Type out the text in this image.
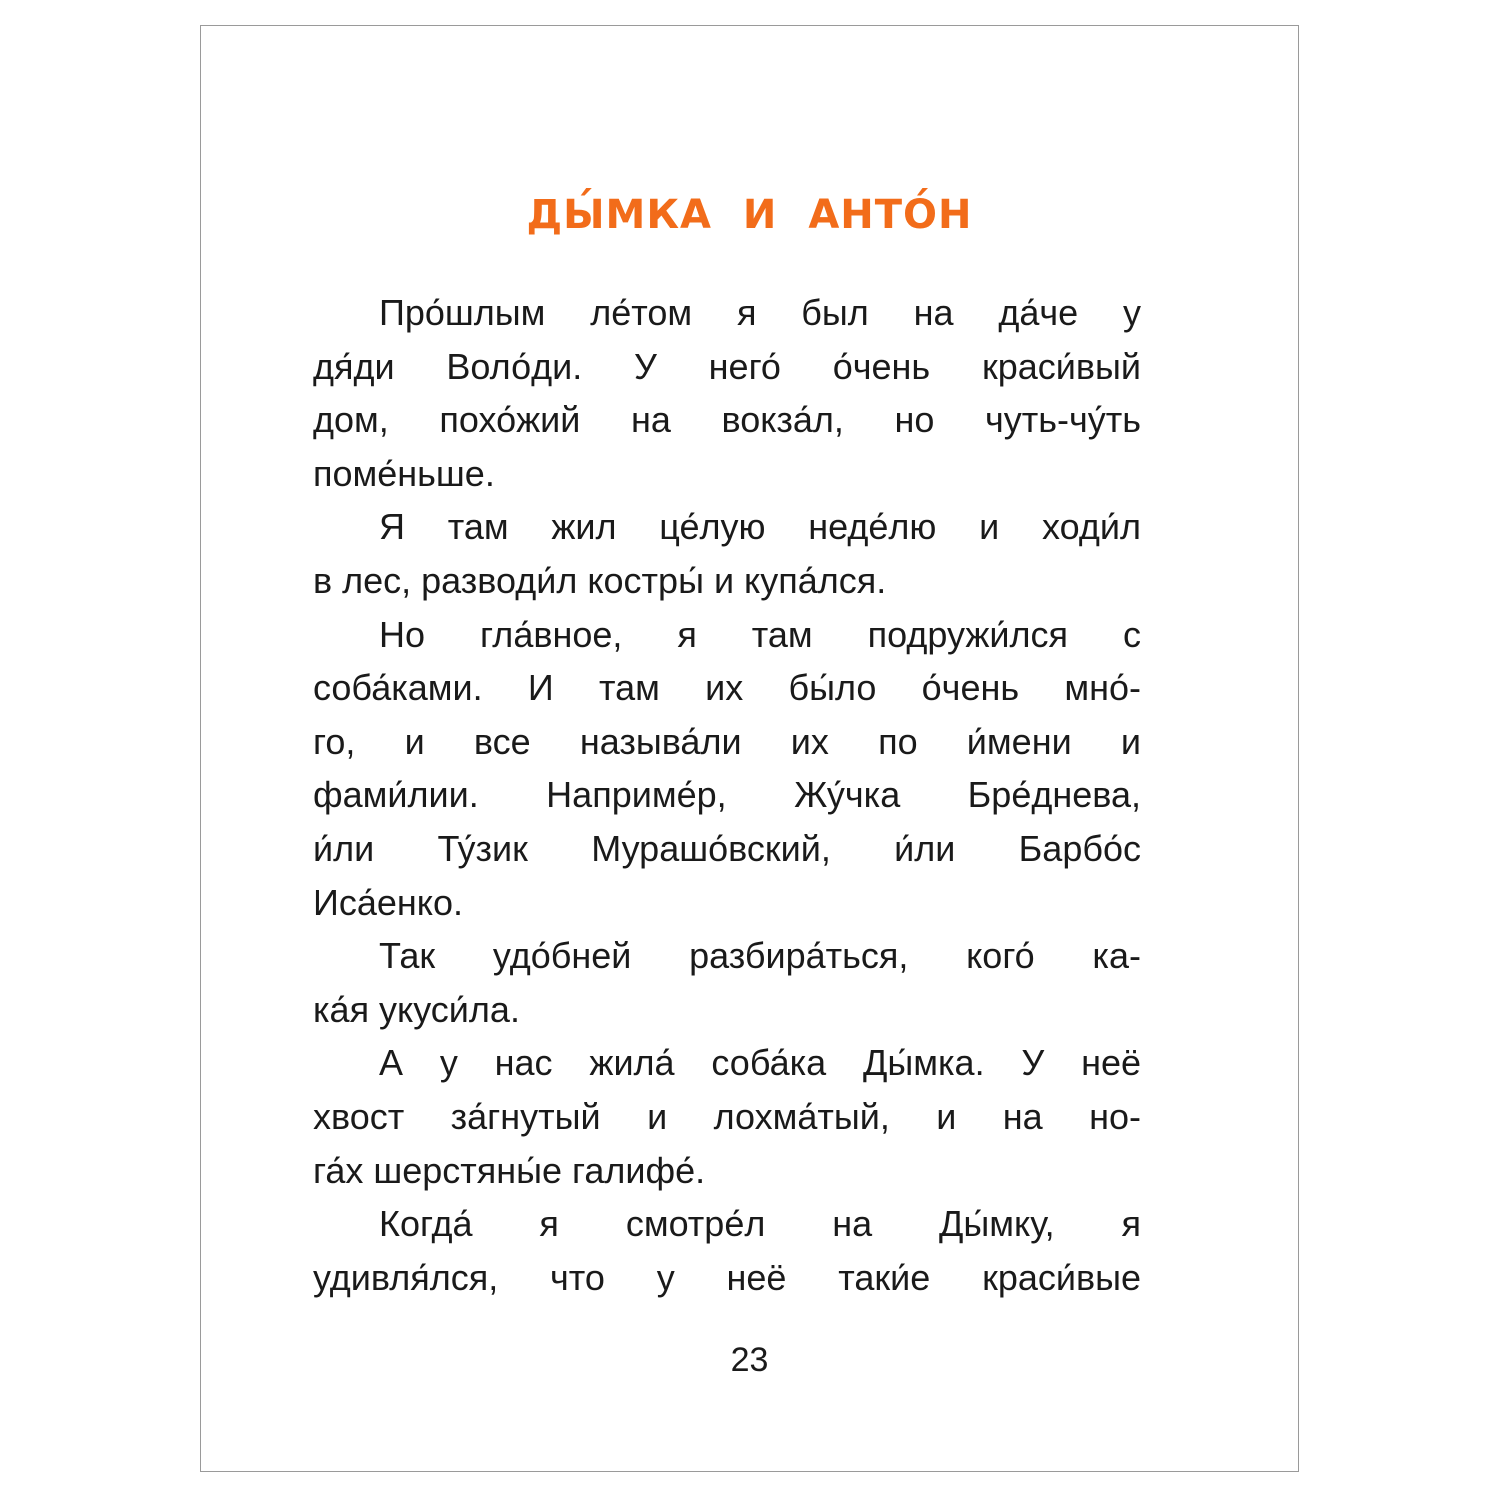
ДЫ́МКА И АНТО́Н
Про́шлым ле́том я был на да́че у
дя́ди Воло́ди. У него́ о́чень краси́вый
дом, похо́жий на вокза́л, но чуть-чу́ть
поме́ньше.
Я там жил це́лую неде́лю и ходи́л
в лес, разводи́л костры́ и купа́лся.
Но гла́вное, я там подружи́лся с
соба́ками. И там их бы́ло о́чень мно́-
го, и все называ́ли их по и́мени и
фами́лии. Наприме́р, Жу́чка Бре́днева,
и́ли Ту́зик Мурашо́вский, и́ли Барбо́с
Иса́енко.
Так удо́бней разбира́ться, кого́ ка-
ка́я укуси́ла.
А у нас жила́ соба́ка Ды́мка. У неё
хвост за́гнутый и лохма́тый, и на но-
га́х шерстяны́е галифе́.
Когда́ я смотре́л на Ды́мку, я
удивля́лся, что у неё таки́е краси́вые
23
